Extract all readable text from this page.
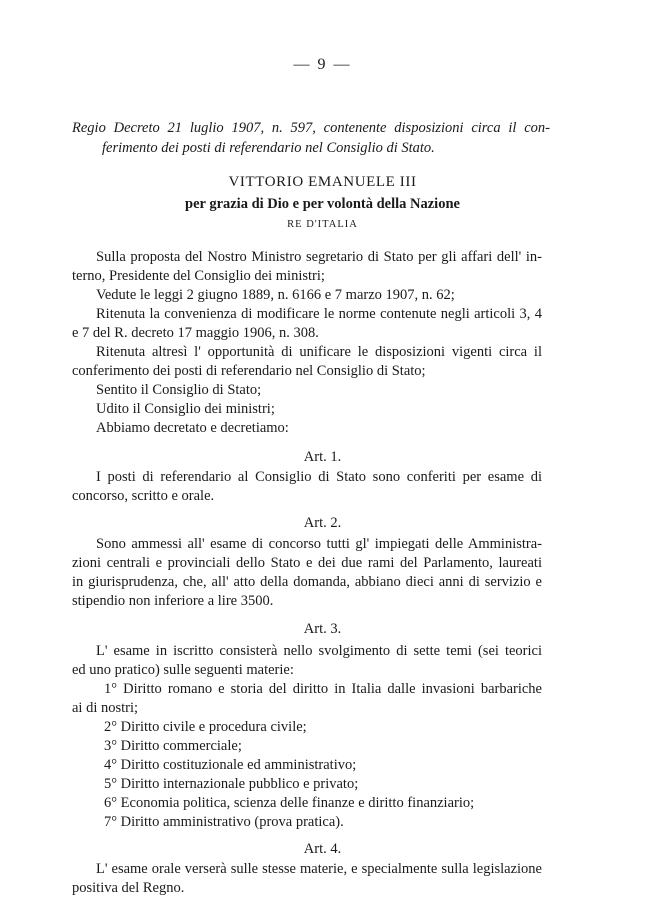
— 9 —
Regio Decreto 21 luglio 1907, n. 597, contenente disposizioni circa il con-
ferimento dei posti di referendario nel Consiglio di Stato.
VITTORIO EMANUELE III
per grazia di Dio e per volontà della Nazione
RE D'ITALIA
Sulla proposta del Nostro Ministro segretario di Stato per gli affari dell' in-
terno, Presidente del Consiglio dei ministri;
Vedute le leggi 2 giugno 1889, n. 6166 e 7 marzo 1907, n. 62;
Ritenuta la convenienza di modificare le norme contenute negli articoli 3, 4
e 7 del R. decreto 17 maggio 1906, n. 308.
Ritenuta altresì l' opportunità di unificare le disposizioni vigenti circa il
conferimento dei posti di referendario nel Consiglio di Stato;
Sentito il Consiglio di Stato;
Udito il Consiglio dei ministri;
Abbiamo decretato e decretiamo:
Art. 1.
I posti di referendario al Consiglio di Stato sono conferiti per esame di
concorso, scritto e orale.
Art. 2.
Sono ammessi all' esame di concorso tutti gl' impiegati delle Amministra-
zioni centrali e provinciali dello Stato e dei due rami del Parlamento, laureati
in giurisprudenza, che, all' atto della domanda, abbiano dieci anni di servizio e
stipendio non inferiore a lire 3500.
Art. 3.
L' esame in iscritto consisterà nello svolgimento di sette temi (sei teorici
ed uno pratico) sulle seguenti materie:
1° Diritto romano e storia del diritto in Italia dalle invasioni barbariche
ai di nostri;
2° Diritto civile e procedura civile;
3° Diritto commerciale;
4° Diritto costituzionale ed amministrativo;
5° Diritto internazionale pubblico e privato;
6° Economia politica, scienza delle finanze e diritto finanziario;
7° Diritto amministrativo (prova pratica).
Art. 4.
L' esame orale verserà sulle stesse materie, e specialmente sulla legislazione
positiva del Regno.
